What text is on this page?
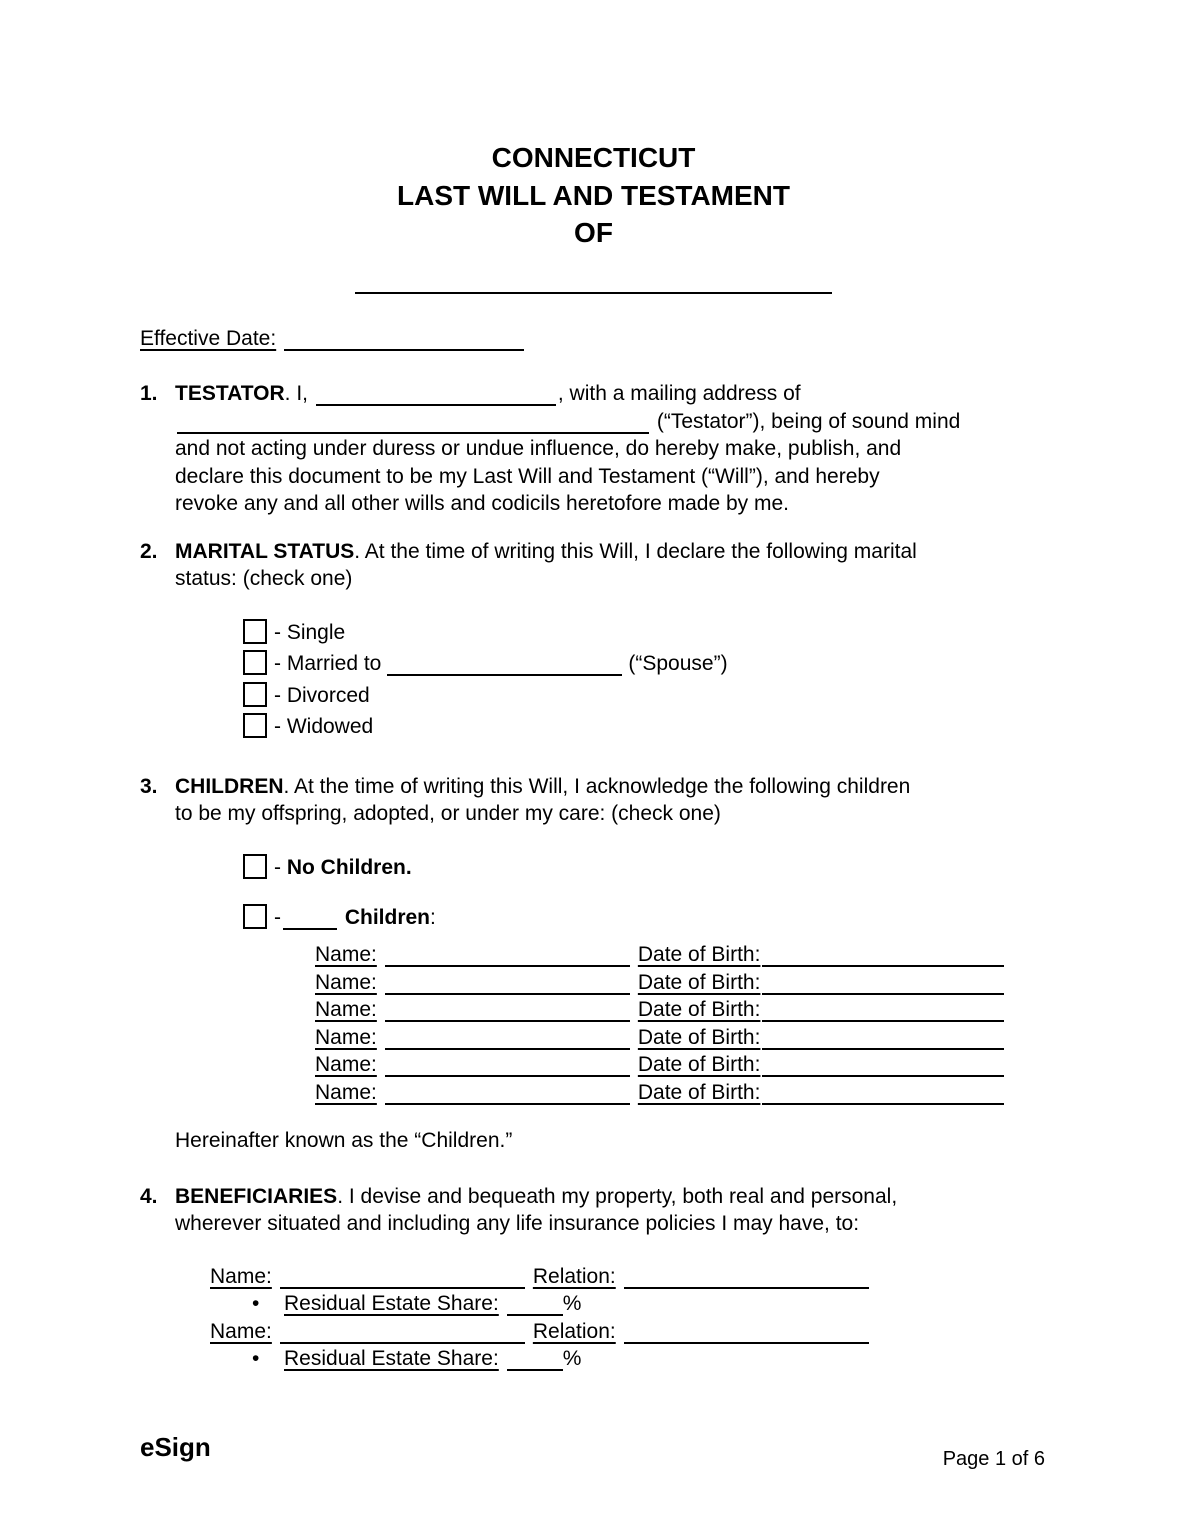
CONNECTICUT
LAST WILL AND TESTAMENT
OF
Effective Date:
1. TESTATOR. I,	, with a mailing address of
(“Testator”), being of sound mind
and not acting under duress or undue influence, do hereby make, publish, and
declare this document to be my Last Will and Testament (“Will”), and hereby
revoke any and all other wills and codicils heretofore made by me.
2. MARITAL STATUS. At the time of writing this Will, I declare the following marital
status: (check one)
- Single
- Married to	(“Spouse”)
- Divorced
- Widowed
3. CHILDREN. At the time of writing this Will, I acknowledge the following children
to be my offspring, adopted, or under my care: (check one)
- No Children.
-	Children:
Name:	Date of Birth:
Name:	Date of Birth:
Name:	Date of Birth:
Name:	Date of Birth:
Name:	Date of Birth:
Name:	Date of Birth:
Hereinafter known as the “Children.”
4. BENEFICIARIES. I devise and bequeath my property, both real and personal,
wherever situated and including any life insurance policies I may have, to:
Name:	Relation:
• Residual Estate Share:	%
Name:	Relation:
• Residual Estate Share:	%
eSign	Page 1 of 6
